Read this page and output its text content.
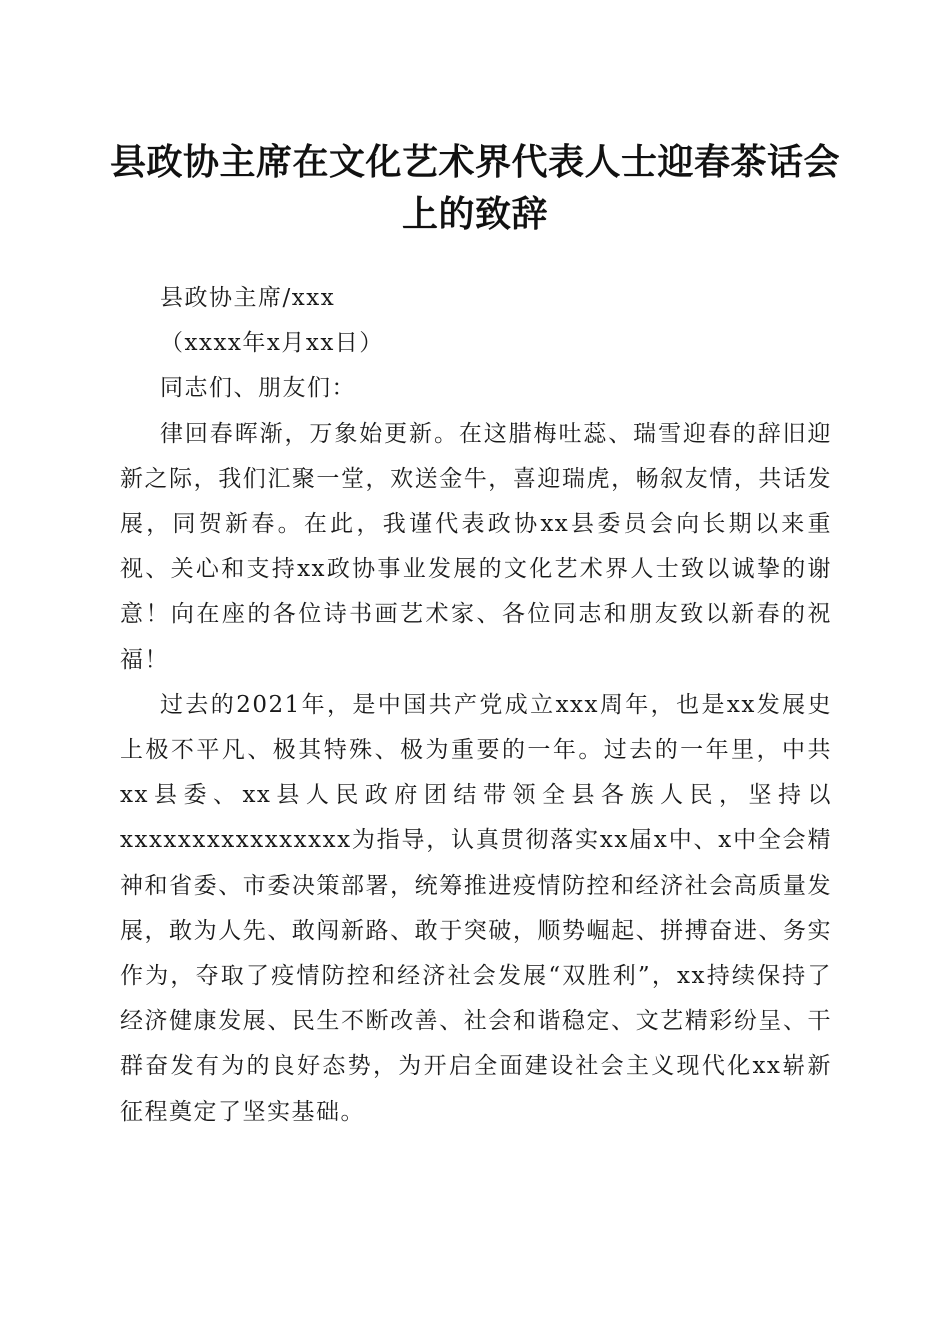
县政协主席在文化艺术界代表人士迎春茶话会上的致辞

县政协主席/xxx

（xxxx年x月xx日）

同志们、朋友们：

律回春晖渐，万象始更新。在这腊梅吐蕊、瑞雪迎春的辞旧迎新之际，我们汇聚一堂，欢送金牛，喜迎瑞虎，畅叙友情，共话发展，同贺新春。在此，我谨代表政协xx县委员会向长期以来重视、关心和支持xx政协事业发展的文化艺术界人士致以诚挚的谢意！向在座的各位诗书画艺术家、各位同志和朋友致以新春的祝福！

过去的2021年，是中国共产党成立xxx周年，也是xx发展史上极不平凡、极其特殊、极为重要的一年。过去的一年里，中共xx县委、xx县人民政府团结带领全县各族人民，坚持以xxxxxxxxxxxxxxxx为指导，认真贯彻落实xx届x中、x中全会精神和省委、市委决策部署，统筹推进疫情防控和经济社会高质量发展，敢为人先、敢闯新路、敢于突破，顺势崛起、拼搏奋进、务实作为，夺取了疫情防控和经济社会发展“双胜利”，xx持续保持了经济健康发展、民生不断改善、社会和谐稳定、文艺精彩纷呈、干群奋发有为的良好态势，为开启全面建设社会主义现代化xx崭新征程奠定了坚实基础。
